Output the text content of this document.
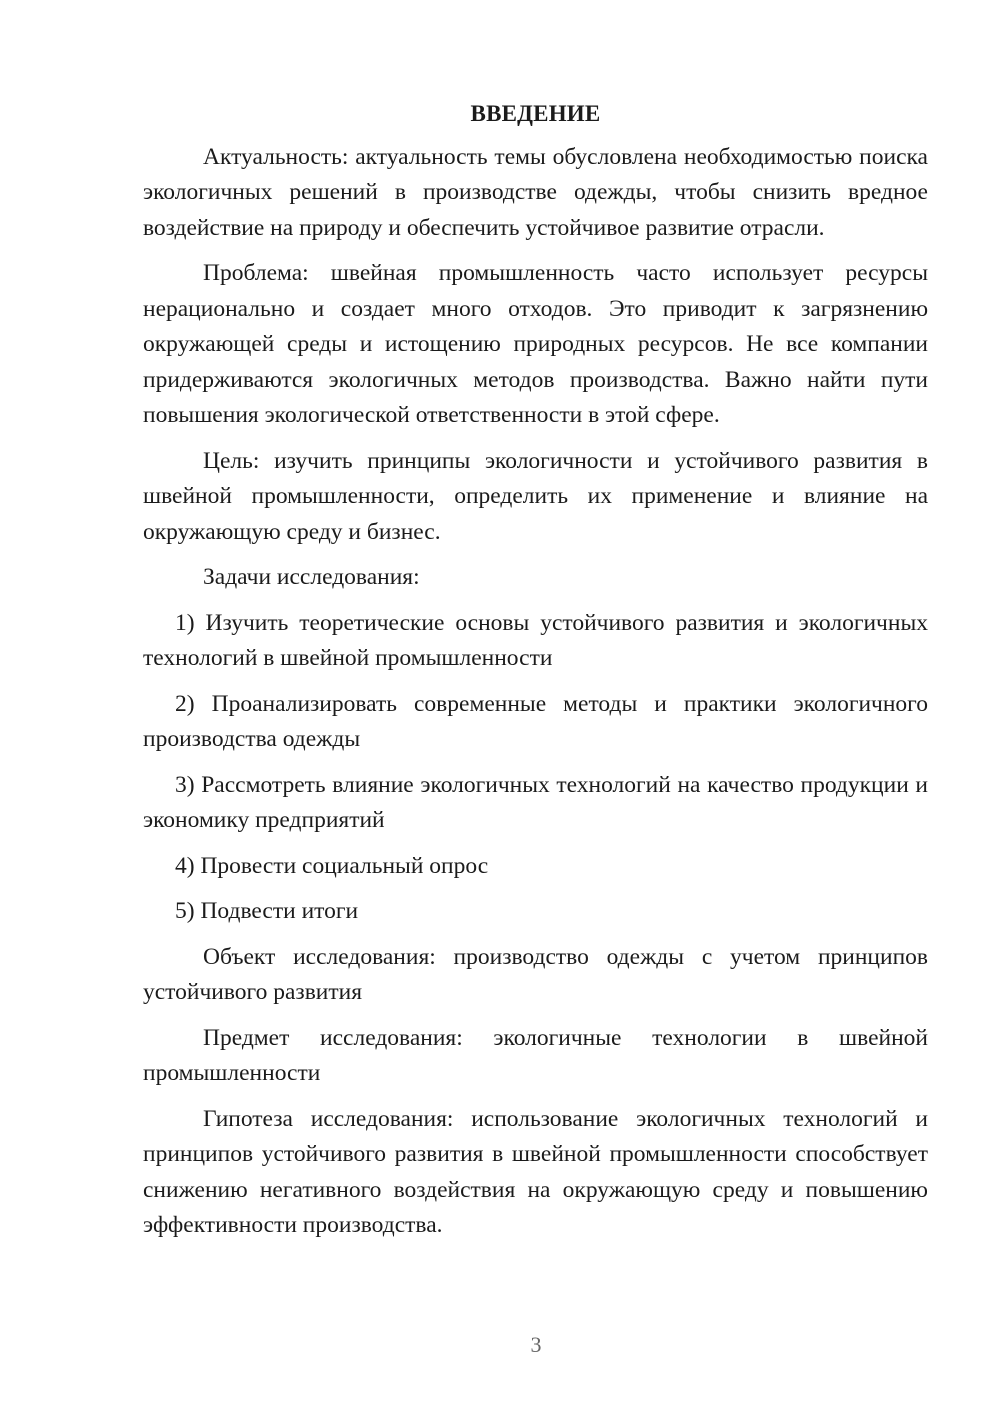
ВВЕДЕНИЕ

Актуальность: актуальность темы обусловлена необходимостью поиска экологичных решений в производстве одежды, чтобы снизить вредное воздействие на природу и обеспечить устойчивое развитие отрасли.

Проблема: швейная промышленность часто использует ресурсы нерационально и создает много отходов. Это приводит к загрязнению окружающей среды и истощению природных ресурсов. Не все компании придерживаются экологичных методов производства. Важно найти пути повышения экологической ответственности в этой сфере.

Цель: изучить принципы экологичности и устойчивого развития в швейной промышленности, определить их применение и влияние на окружающую среду и бизнес.

Задачи исследования:

1) Изучить теоретические основы устойчивого развития и экологичных технологий в швейной промышленности

2) Проанализировать современные методы и практики экологичного производства одежды

3) Рассмотреть влияние экологичных технологий на качество продукции и экономику предприятий

4) Провести социальный опрос

5) Подвести итоги

Объект исследования: производство одежды с учетом принципов устойчивого развития

Предмет исследования: экологичные технологии в швейной промышленности

Гипотеза исследования: использование экологичных технологий и принципов устойчивого развития в швейной промышленности способствует снижению негативного воздействия на окружающую среду и повышению эффективности производства.

3
